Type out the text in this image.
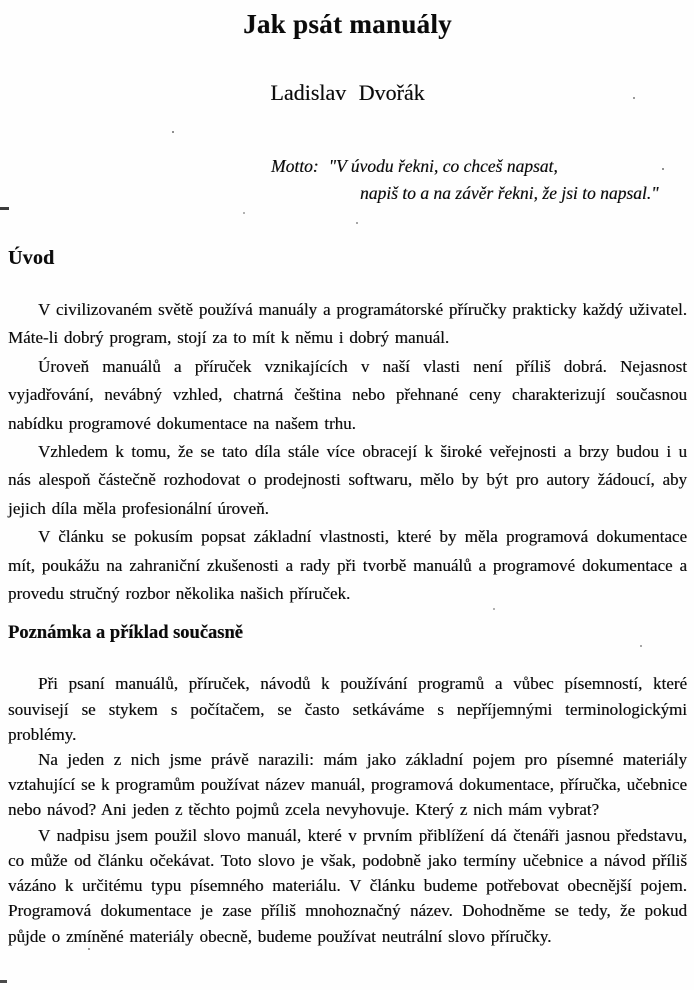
Jak psát manuály
Ladislav Dvořák
Motto: "V úvodu řekni, co chceš napsat,
napiš to a na závěr řekni, že jsi to napsal."
Úvod

V civilizovaném světě používá manuály a programátorské příručky prakticky každý uživatel. Máte-li dobrý program, stojí za to mít k němu i dobrý manuál.

Úroveň manuálů a příruček vznikajících v naší vlasti není příliš dobrá. Nejasnost vyjadřování, nevábný vzhled, chatrná čeština nebo přehnané ceny charakterizují současnou nabídku programové dokumentace na našem trhu.

Vzhledem k tomu, že se tato díla stále více obracejí k široké veřejnosti a brzy budou i u nás alespoň částečně rozhodovat o prodejnosti softwaru, mělo by být pro autory žádoucí, aby jejich díla měla profesionální úroveň.

V článku se pokusím popsat základní vlastnosti, které by měla programová dokumentace mít, poukážu na zahraniční zkušenosti a rady při tvorbě manuálů a programové dokumentace a provedu stručný rozbor několika našich příruček.

Poznámka a příklad současně

Při psaní manuálů, příruček, návodů k používání programů a vůbec písemností, které souvisejí se stykem s počítačem, se často setkáváme s nepříjemnými terminologickými problémy.

Na jeden z nich jsme právě narazili: mám jako základní pojem pro písemné materiály vztahující se k programům používat název manuál, programová dokumentace, příručka, učebnice nebo návod? Ani jeden z těchto pojmů zcela nevyhovuje. Který z nich mám vybrat?

V nadpisu jsem použil slovo manuál, které v prvním přiblížení dá čtenáři jasnou představu, co může od článku očekávat. Toto slovo je však, podobně jako termíny učebnice a návod příliš vázáno k určitému typu písemného materiálu. V článku budeme potřebovat obecnější pojem. Programová dokumentace je zase příliš mnohoznačný název. Dohodněme se tedy, že pokud půjde o zmíněné materiály obecně, budeme používat neutrální slovo příručky.
